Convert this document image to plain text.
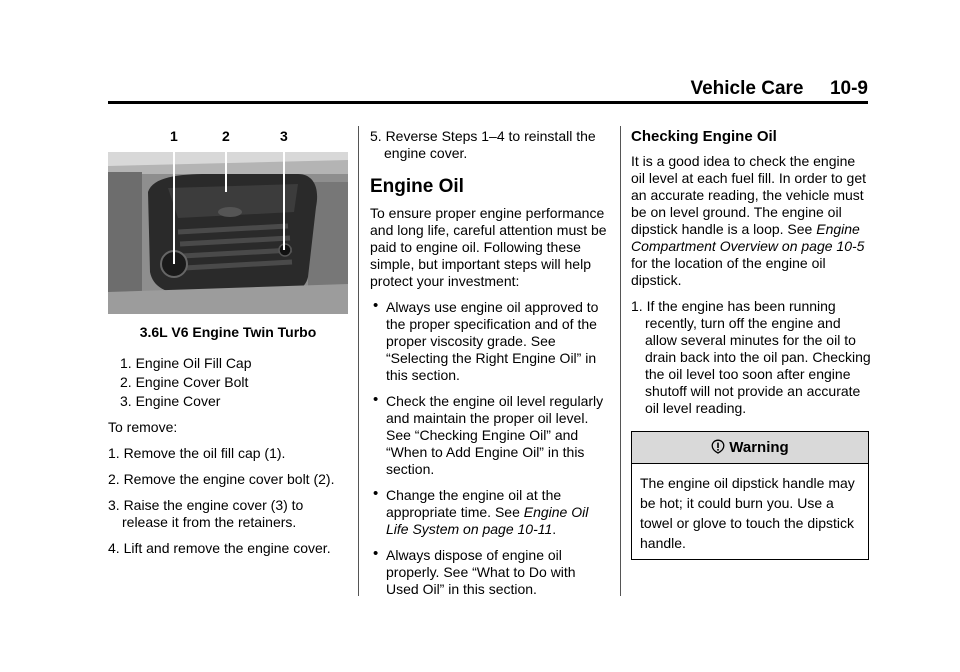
Vehicle Care 10-9
1	2	3
3.6L V6 Engine Twin Turbo

1. Engine Oil Fill Cap

2. Engine Cover Bolt

3. Engine Cover

To remove:

1. Remove the oil fill cap (1).

2. Remove the engine cover bolt (2).

3. Raise the engine cover (3) to release it from the retainers.

4. Lift and remove the engine cover.

5. Reverse Steps 1–4 to reinstall the engine cover.

Engine Oil

To ensure proper engine performance and long life, careful attention must be paid to engine oil. Following these simple, but important steps will help protect your investment:

• Always use engine oil approved to the proper specification and of the proper viscosity grade. See “Selecting the Right Engine Oil” in this section.

• Check the engine oil level regularly and maintain the proper oil level. See “Checking Engine Oil” and “When to Add Engine Oil” in this section.

• Change the engine oil at the appropriate time. See Engine Oil Life System on page 10-11.

• Always dispose of engine oil properly. See “What to Do with Used Oil” in this section.

Checking Engine Oil

It is a good idea to check the engine oil level at each fuel fill. In order to get an accurate reading, the vehicle must be on level ground. The engine oil dipstick handle is a loop. See Engine Compartment Overview on page 10-5 for the location of the engine oil dipstick.

1. If the engine has been running recently, turn off the engine and allow several minutes for the oil to drain back into the oil pan. Checking the oil level too soon after engine shutoff will not provide an accurate oil level reading.

Warning
The engine oil dipstick handle may be hot; it could burn you. Use a towel or glove to touch the dipstick handle.
